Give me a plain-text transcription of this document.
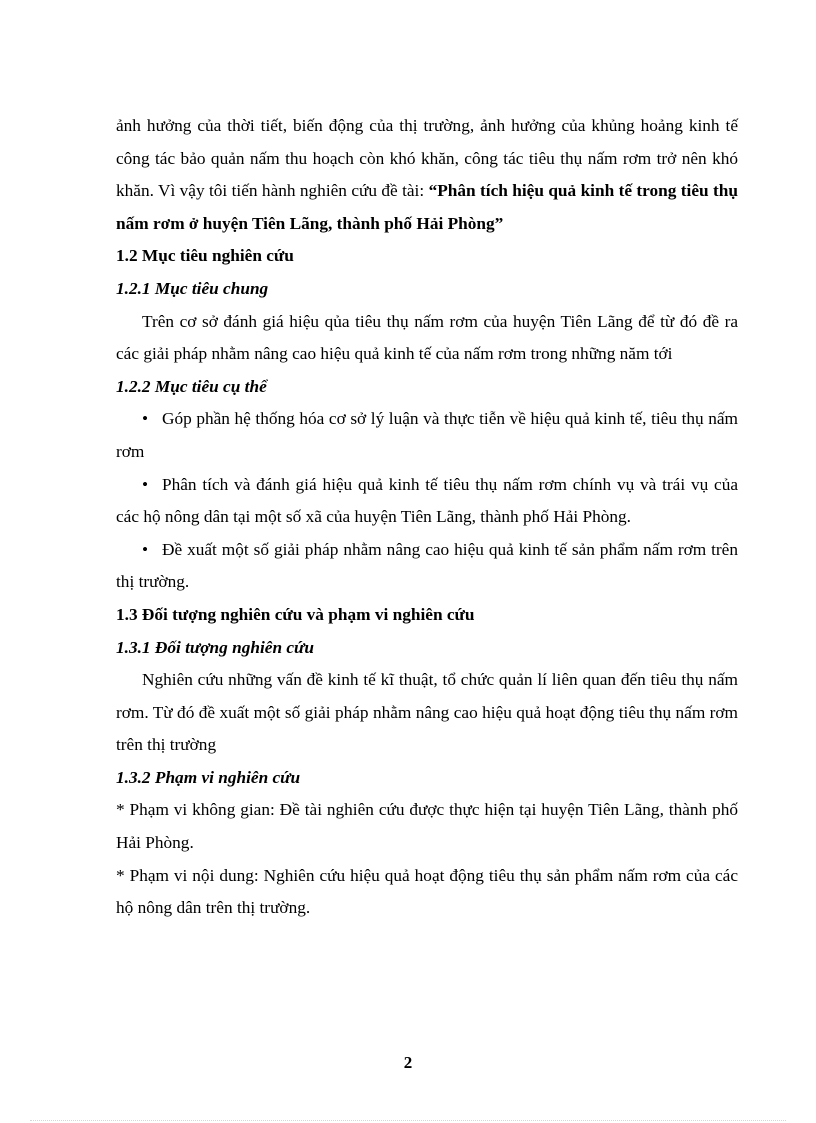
ảnh hưởng của thời tiết, biến động của thị trường, ảnh hưởng của khủng hoảng kinh tế công tác bảo quản nấm thu hoạch còn khó khăn, công tác tiêu thụ nấm rơm trở nên khó khăn. Vì vậy tôi tiến hành nghiên cứu đề tài: “Phân tích hiệu quả kinh tế trong tiêu thụ nấm rơm ở huyện Tiên Lãng, thành phố Hải Phòng”

1.2 Mục tiêu nghiên cứu

1.2.1 Mục tiêu chung

Trên cơ sở đánh giá hiệu qủa tiêu thụ nấm rơm của huyện Tiên Lãng để từ đó đề ra các giải pháp nhằm nâng cao hiệu quả kinh tế của nấm rơm trong những năm tới

1.2.2 Mục tiêu cụ thể

• Góp phần hệ thống hóa cơ sở lý luận và thực tiễn về hiệu quả kinh tế, tiêu thụ nấm rơm

• Phân tích và đánh giá hiệu quả kinh tế tiêu thụ nấm rơm chính vụ và trái vụ của các hộ nông dân tại một số xã của huyện Tiên Lãng, thành phố Hải Phòng.

• Đề xuất một số giải pháp nhằm nâng cao hiệu quả kinh tế sản phẩm nấm rơm trên thị trường.

1.3 Đối tượng nghiên cứu và phạm vi nghiên cứu

1.3.1 Đối tượng nghiên cứu

Nghiên cứu những vấn đề kinh tế kĩ thuật, tổ chức quản lí liên quan đến tiêu thụ nấm rơm. Từ đó đề xuất một số giải pháp nhằm nâng cao hiệu quả hoạt động tiêu thụ nấm rơm trên thị trường

1.3.2 Phạm vi nghiên cứu

* Phạm vi không gian: Đề tài nghiên cứu được thực hiện tại huyện Tiên Lãng, thành phố Hải Phòng.

* Phạm vi nội dung: Nghiên cứu hiệu quả hoạt động tiêu thụ sản phẩm nấm rơm của các hộ nông dân trên thị trường.

2
